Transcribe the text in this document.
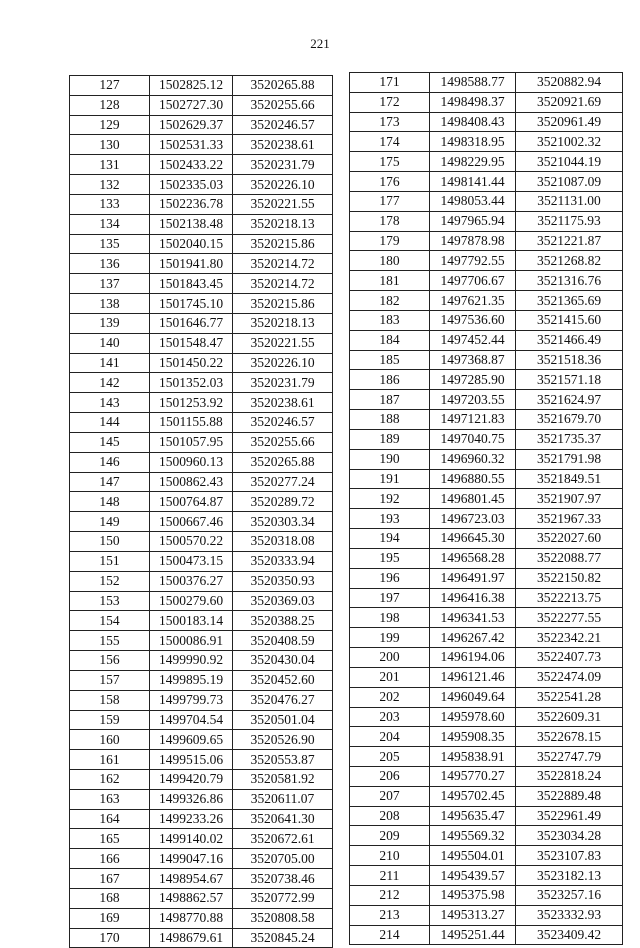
221
127	1502825.12	3520265.88
128	1502727.30	3520255.66
129	1502629.37	3520246.57
130	1502531.33	3520238.61
131	1502433.22	3520231.79
132	1502335.03	3520226.10
133	1502236.78	3520221.55
134	1502138.48	3520218.13
135	1502040.15	3520215.86
136	1501941.80	3520214.72
137	1501843.45	3520214.72
138	1501745.10	3520215.86
139	1501646.77	3520218.13
140	1501548.47	3520221.55
141	1501450.22	3520226.10
142	1501352.03	3520231.79
143	1501253.92	3520238.61
144	1501155.88	3520246.57
145	1501057.95	3520255.66
146	1500960.13	3520265.88
147	1500862.43	3520277.24
148	1500764.87	3520289.72
149	1500667.46	3520303.34
150	1500570.22	3520318.08
151	1500473.15	3520333.94
152	1500376.27	3520350.93
153	1500279.60	3520369.03
154	1500183.14	3520388.25
155	1500086.91	3520408.59
156	1499990.92	3520430.04
157	1499895.19	3520452.60
158	1499799.73	3520476.27
159	1499704.54	3520501.04
160	1499609.65	3520526.90
161	1499515.06	3520553.87
162	1499420.79	3520581.92
163	1499326.86	3520611.07
164	1499233.26	3520641.30
165	1499140.02	3520672.61
166	1499047.16	3520705.00
167	1498954.67	3520738.46
168	1498862.57	3520772.99
169	1498770.88	3520808.58
170	1498679.61	3520845.24
171	1498588.77	3520882.94
172	1498498.37	3520921.69
173	1498408.43	3520961.49
174	1498318.95	3521002.32
175	1498229.95	3521044.19
176	1498141.44	3521087.09
177	1498053.44	3521131.00
178	1497965.94	3521175.93
179	1497878.98	3521221.87
180	1497792.55	3521268.82
181	1497706.67	3521316.76
182	1497621.35	3521365.69
183	1497536.60	3521415.60
184	1497452.44	3521466.49
185	1497368.87	3521518.36
186	1497285.90	3521571.18
187	1497203.55	3521624.97
188	1497121.83	3521679.70
189	1497040.75	3521735.37
190	1496960.32	3521791.98
191	1496880.55	3521849.51
192	1496801.45	3521907.97
193	1496723.03	3521967.33
194	1496645.30	3522027.60
195	1496568.28	3522088.77
196	1496491.97	3522150.82
197	1496416.38	3522213.75
198	1496341.53	3522277.55
199	1496267.42	3522342.21
200	1496194.06	3522407.73
201	1496121.46	3522474.09
202	1496049.64	3522541.28
203	1495978.60	3522609.31
204	1495908.35	3522678.15
205	1495838.91	3522747.79
206	1495770.27	3522818.24
207	1495702.45	3522889.48
208	1495635.47	3522961.49
209	1495569.32	3523034.28
210	1495504.01	3523107.83
211	1495439.57	3523182.13
212	1495375.98	3523257.16
213	1495313.27	3523332.93
214	1495251.44	3523409.42
